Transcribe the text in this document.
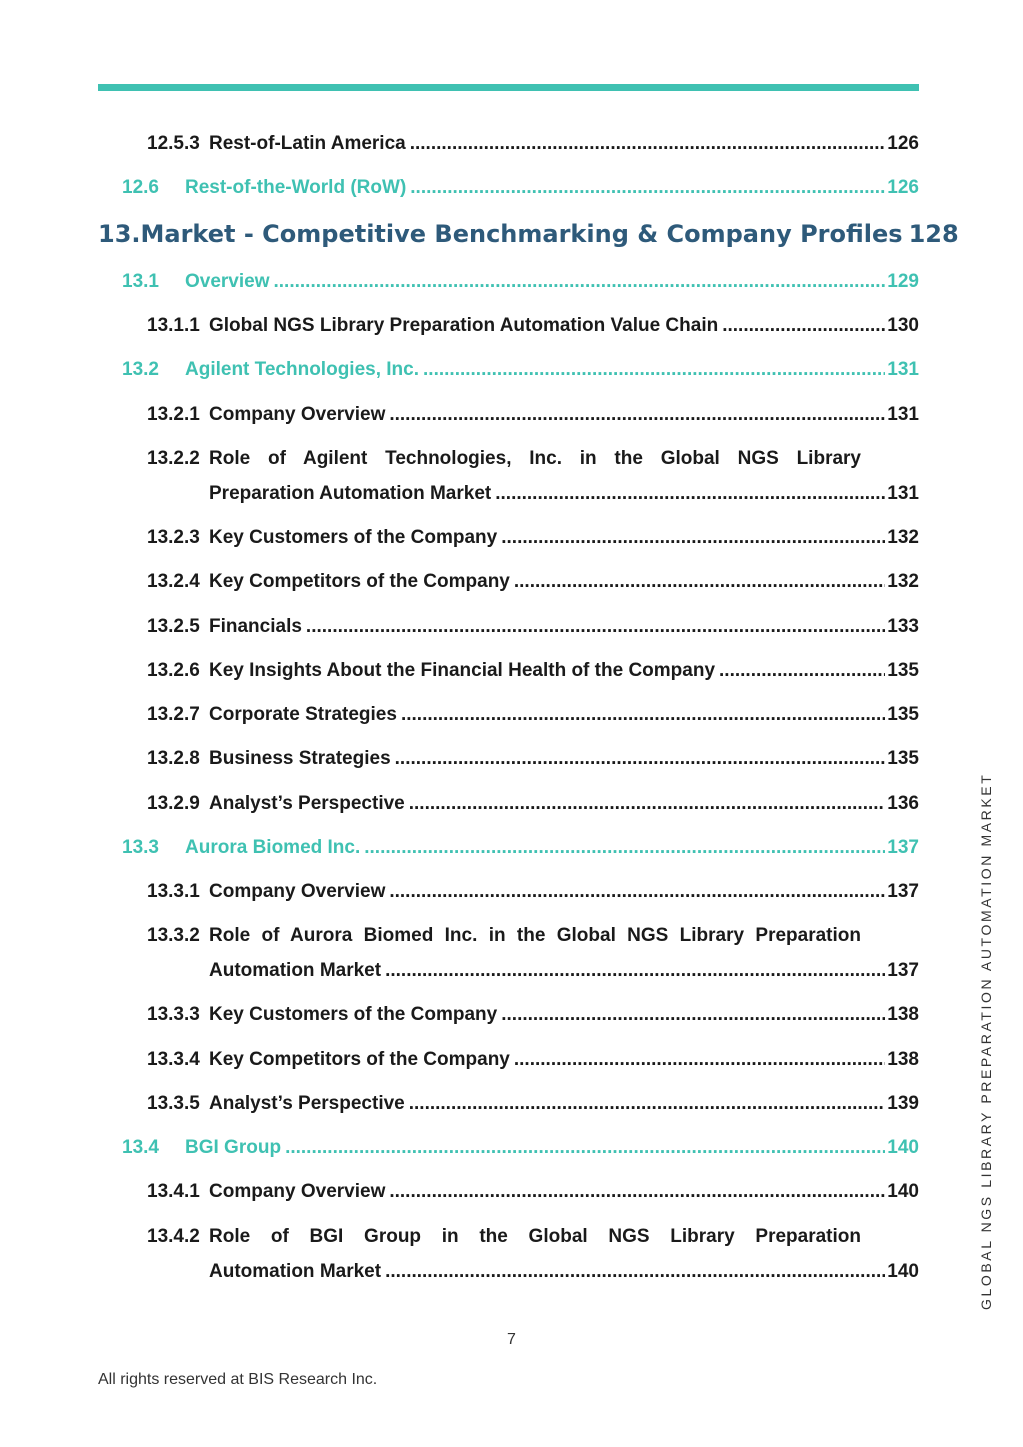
12.5.3 Rest-of-Latin America .....	126
12.6	Rest-of-the-World (RoW) .....	126
13. Market - Competitive Benchmarking & Company Profiles 128
13.1	Overview .....	129
13.1.1 Global NGS Library Preparation Automation Value Chain .....	130
13.2	Agilent Technologies, Inc. .....	131
13.2.1 Company Overview .....	131
13.2.2 Role of Agilent Technologies, Inc. in the Global NGS Library
Preparation Automation Market .....	131
13.2.3 Key Customers of the Company .....	132
13.2.4 Key Competitors of the Company .....	132
13.2.5 Financials .....	133
13.2.6 Key Insights About the Financial Health of the Company .....	135
13.2.7 Corporate Strategies .....	135
13.2.8 Business Strategies .....	135
13.2.9 Analyst’s Perspective .....	136
13.3	Aurora Biomed Inc. .....	137
13.3.1 Company Overview .....	137
13.3.2 Role of Aurora Biomed Inc. in the Global NGS Library Preparation
Automation Market .....	137
13.3.3 Key Customers of the Company .....	138
13.3.4 Key Competitors of the Company .....	138
13.3.5 Analyst’s Perspective .....	139
13.4	BGI Group .....	140
13.4.1 Company Overview .....	140
13.4.2 Role of BGI Group in the Global NGS Library Preparation
Automation Market .....	140	GLOBAL NGS LIBRARY PREPARATION AUTOMATION MARKET
7
All rights reserved at BIS Research Inc.
